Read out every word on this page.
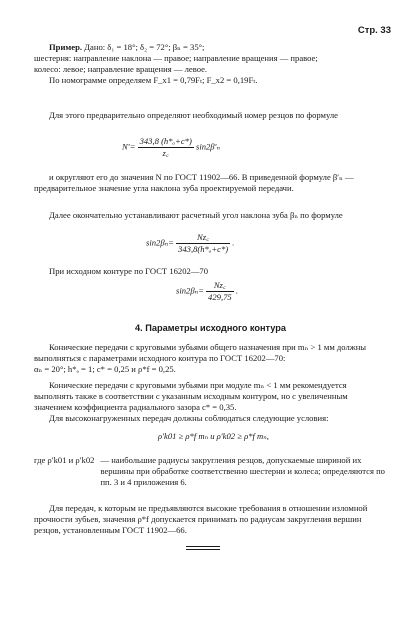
Стр. 33

Пример. Дано: δ₁ = 18°; δ₂ = 72°; βₙ = 35°;

шестерня: направление наклона — правое; направление вращения — правое;

колесо: левое; направление вращения — левое.

По номограмме определяем F_x1 = 0,79Fₜ; F_x2 = 0,19Fₜ.

Для этого предварительно определяют необходимый номер резцов по формуле
$N'= \frac{\text{343,8 (h*ₐ+c*)}}{z꜀} \sin 2\beta'_n$
и округляют его до значения N по ГОСТ 11902—66. В приведенной формуле β′ₙ — предварительное значение угла наклона зуба проектируемой передачи.
Далее окончательно устанавливают расчетный угол наклона зуба βₙ по формуле
$\sin 2\beta_n= \frac{Nz꜀}{\text{343,8(h*ₐ+c*)}}$ .
При исходном контуре по ГОСТ 16202—70
$\sin 2\beta_n= \frac{Nz꜀}{429,75}$ .
4. Параметры исходного контура

Конические передачи с круговыми зубьями общего назначения при mₙ > 1 мм должны выполняться с параметрами исходного контура по ГОСТ 16202—70:

αₙ = 20°; h*ₐ = 1; c* = 0,25 и ρ*f = 0,25.

Конические передачи с круговыми зубьями при модуле mₙ < 1 мм рекомендуется выполнять также в соответствии с указанным исходным контуром, но с увеличенным значением коэффициента радиального зазора c* = 0,35.
Для высоконагруженных передач должны соблюдаться следующие условия:
ρ′k01 ≥ ρ*f mₙ и ρ′k02 ≥ ρ*f mₙ,
где ρ′k01 и ρ′k02 — наибольшие радиусы закругления резцов, допускаемые шириной их вершины при обработке соответственно шестерни и колеса; определяются по пп. 3 и 4 приложения 6.
Для передач, к которым не предъявляются высокие требования в отношении изломной прочности зубьев, значения ρ*f допускается принимать по радиусам закругления вершин резцов, установленным ГОСТ 11902—66.
